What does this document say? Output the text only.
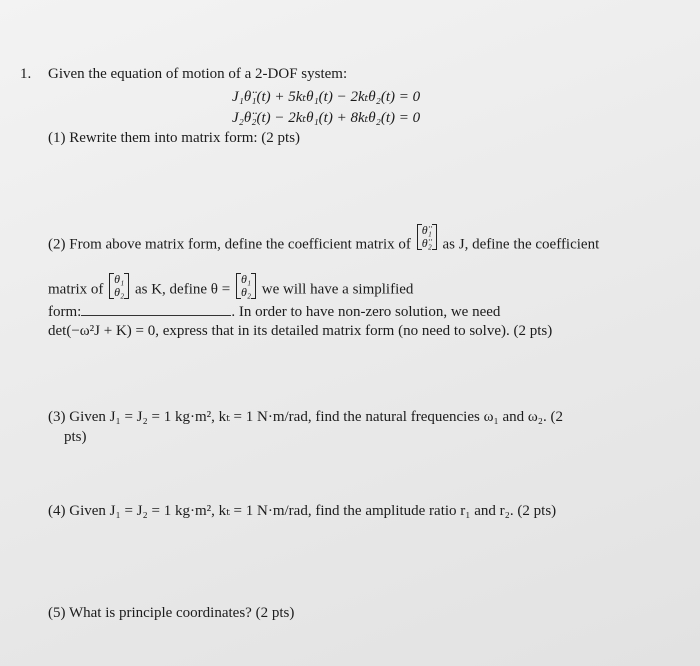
1. Given the equation of motion of a 2-DOF system:
J₁θ̈₁(t) + 5kₜθ₁(t) − 2kₜθ₂(t) = 0
J₂θ̈₂(t) − 2kₜθ₁(t) + 8kₜθ₂(t) = 0
(1) Rewrite them into matrix form: (2 pts)
(2) From above matrix form, define the coefficient matrix of θ̈₁
θ̈₂ as J, define the coefficient
matrix of θ₁
θ₂ as K, define θ = θ₁
θ₂ we will have a simplified
form:	. In order to have non-zero solution, we need
det(−ω²J + K) = 0, express that in its detailed matrix form (no need to solve). (2 pts)
(3) Given J₁ = J₂ = 1 kg·m², kₜ = 1 N·m/rad, find the natural frequencies ω₁ and ω₂. (2
pts)
(4) Given J₁ = J₂ = 1 kg·m², kₜ = 1 N·m/rad, find the amplitude ratio r₁ and r₂. (2 pts)
(5) What is principle coordinates? (2 pts)
